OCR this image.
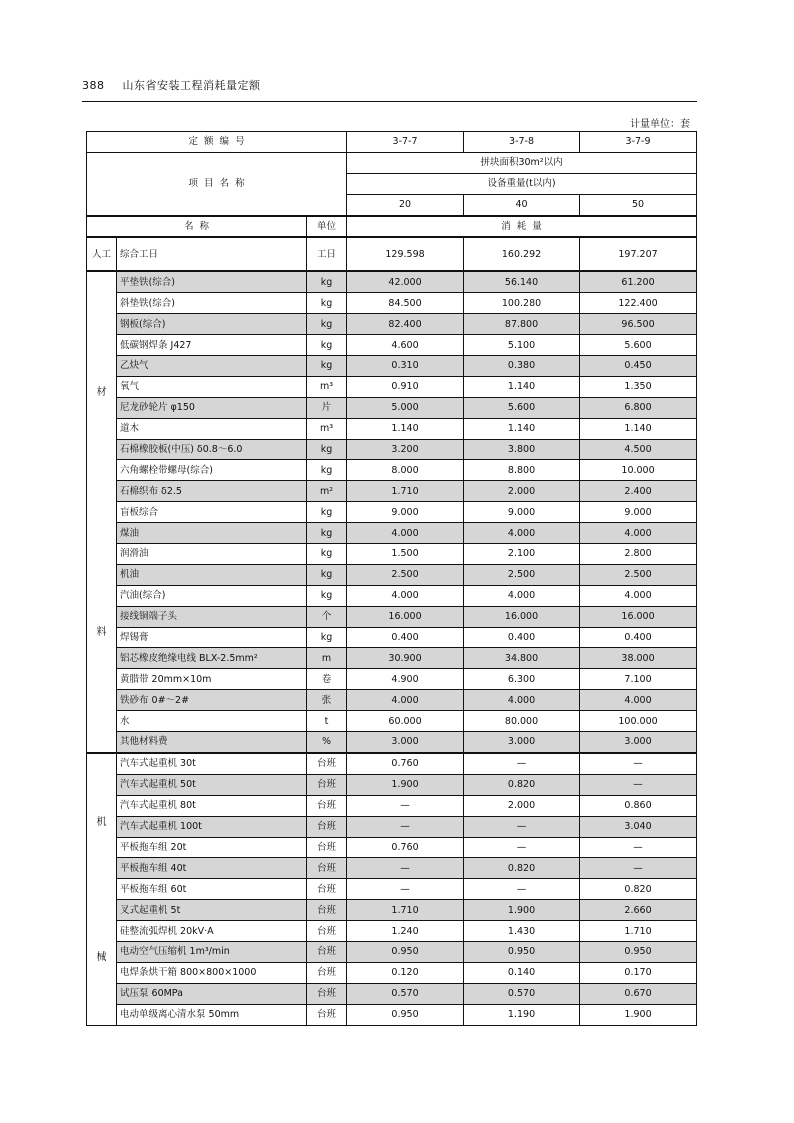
388 山东省安装工程消耗量定额
计量单位：套
定  额  编  号			3-7-7	3-7-8	3-7-9
项  目  名  称			拼块面积30m²以内		
			设备重量(t以内)		
			20	40	50
名  称		单位	消  耗  量		
人工	综合工日	工日	129.598	160.292	197.207

材
料	平垫铁(综合)	kg	42.000	56.140	61.200
	斜垫铁(综合)	kg	84.500	100.280	122.400
	钢板(综合)	kg	82.400	87.800	96.500
	低碳钢焊条 J427	kg	4.600	5.100	5.600
	乙炔气	kg	0.310	0.380	0.450
	氧气	m³	0.910	1.140	1.350
	尼龙砂轮片 φ150	片	5.000	5.600	6.800
	道木	m³	1.140	1.140	1.140
	石棉橡胶板(中压) δ0.8～6.0	kg	3.200	3.800	4.500
	六角螺栓带螺母(综合)	kg	8.000	8.800	10.000
	石棉织布 δ2.5	m²	1.710	2.000	2.400
	盲板综合	kg	9.000	9.000	9.000
	煤油	kg	4.000	4.000	4.000
	润滑油	kg	1.500	2.100	2.800
	机油	kg	2.500	2.500	2.500
	汽油(综合)	kg	4.000	4.000	4.000
	接线铜端子头	个	16.000	16.000	16.000
	焊锡膏	kg	0.400	0.400	0.400
	铝芯橡皮绝缘电线 BLX-2.5mm²	m	30.900	34.800	38.000
	黄腊带 20mm×10m	卷	4.900	6.300	7.100
	铁砂布 0#～2#	张	4.000	4.000	4.000
	水	t	60.000	80.000	100.000
	其他材料费	%	3.000	3.000	3.000

机
械	汽车式起重机 30t	台班	0.760	—	—
	汽车式起重机 50t	台班	1.900	0.820	—
	汽车式起重机 80t	台班	—	2.000	0.860
	汽车式起重机 100t	台班	—	—	3.040
	平板拖车组 20t	台班	0.760	—	—
	平板拖车组 40t	台班	—	0.820	—
	平板拖车组 60t	台班	—	—	0.820
	叉式起重机 5t	台班	1.710	1.900	2.660
	硅整流弧焊机 20kV·A	台班	1.240	1.430	1.710
	电动空气压缩机 1m³/min	台班	0.950	0.950	0.950
	电焊条烘干箱 800×800×1000	台班	0.120	0.140	0.170
	试压泵 60MPa	台班	0.570	0.570	0.670
	电动单级离心清水泵 50mm	台班	0.950	1.190	1.900
